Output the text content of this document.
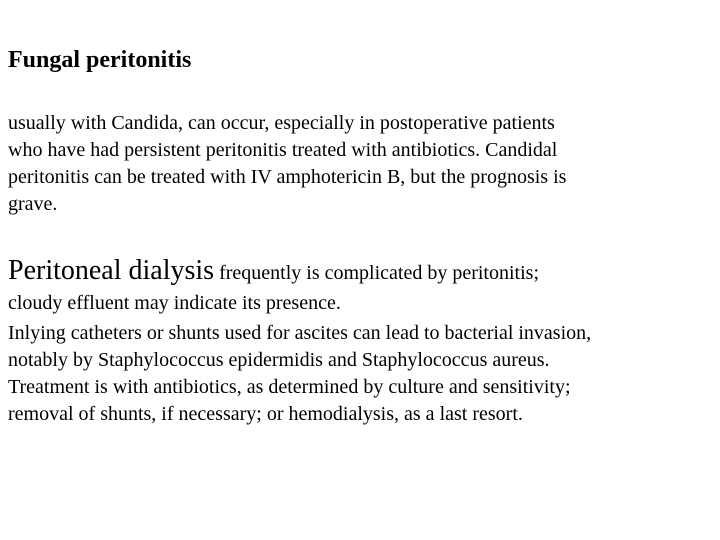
Fungal peritonitis

usually with Candida, can occur, especially in postoperative patients
who have had persistent peritonitis treated with antibiotics. Candidal
peritonitis can be treated with IV amphotericin B, but the prognosis is
grave.

Peritoneal dialysis frequently is complicated by peritonitis;

cloudy effluent may indicate its presence.

Inlying catheters or shunts used for ascites can lead to bacterial invasion,
notably by Staphylococcus epidermidis and Staphylococcus aureus.
Treatment is with antibiotics, as determined by culture and sensitivity;
removal of shunts, if necessary; or hemodialysis, as a last resort.
